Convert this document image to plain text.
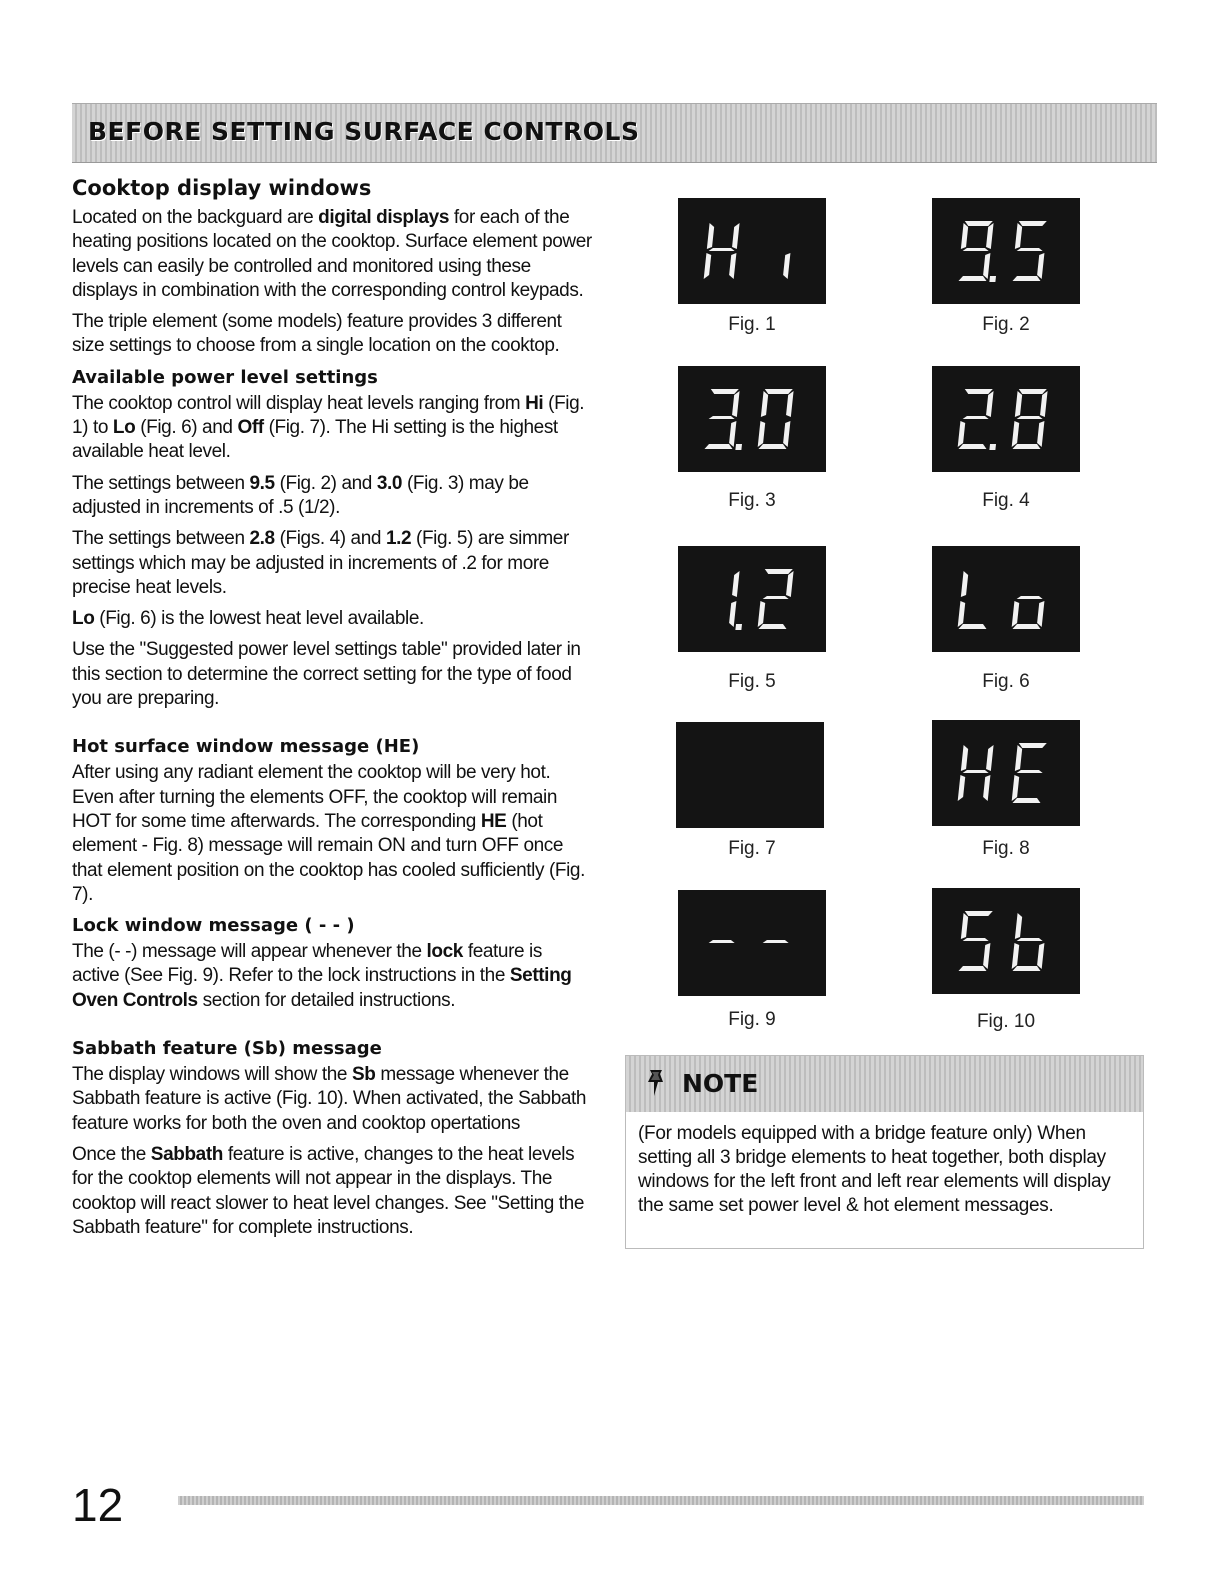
BEFORE SETTING SURFACE CONTROLS
Cooktop display windows

Located on the backguard are digital displays for each of the heating positions located on the cooktop. Surface element power levels can easily be controlled and monitored using these displays in combination with the corresponding control keypads.

The triple element (some models) feature provides 3 different size settings to choose from a single location on the cooktop.

Available power level settings

The cooktop control will display heat levels ranging from Hi (Fig. 1) to Lo (Fig. 6) and Off (Fig. 7). The Hi setting is the highest available heat level.

The settings between 9.5 (Fig. 2) and 3.0 (Fig. 3) may be adjusted in increments of .5 (1/2).

The settings between 2.8 (Figs. 4) and 1.2 (Fig. 5) are simmer settings which may be adjusted in increments of .2 for more precise heat levels.

Lo (Fig. 6) is the lowest heat level available.

Use the "Suggested power level settings table" provided later in this section to determine the correct setting for the type of food you are preparing.

Hot surface window message (HE)

After using any radiant element the cooktop will be very hot. Even after turning the elements OFF, the cooktop will remain HOT for some time afterwards. The corresponding HE (hot element - Fig. 8) message will remain ON and turn OFF once that element position on the cooktop has cooled sufficiently (Fig. 7).

Lock window message ( - - )

The (- -) message will appear whenever the lock feature is active (See Fig. 9). Refer to the lock instructions in the Setting Oven Controls section for detailed instructions.

Sabbath feature (Sb) message

The display windows will show the Sb message whenever the Sabbath feature is active (Fig. 10). When activated, the Sabbath feature works for both the oven and cooktop opertations

Once the Sabbath feature is active, changes to the heat levels for the cooktop elements will not appear in the displays. The cooktop will react slower to heat level changes. See "Setting the Sabbath feature" for complete instructions.

Fig. 1	Fig. 2
Fig. 3	Fig. 4
Fig. 5	Fig. 6
Fig. 7	Fig. 8
Fig. 9	Fig. 10
NOTE
(For models equipped with a bridge feature only) When setting all 3 bridge elements to heat together, both display windows for the left front and left rear elements will display the same set power level & hot element messages.
12
